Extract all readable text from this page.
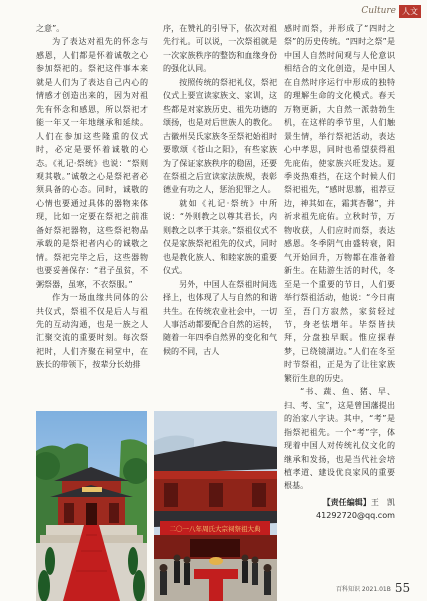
Culture 人文

之意”。

为了表达对祖先的怀念与感恩，人们都是怀着诚敬之心参加祭祀的。祭祀这件事本来就是人们为了表达自己内心的情感才创造出来的，因为对祖先有怀念和感恩，所以祭祀才能一年又一年地继承和延续。人们在参加这些隆重的仪式时，必定是要怀着诚敬的心态。《礼记·祭统》也说：“祭则观其敬。”诚敬之心是祭祀者必须具备的心态。同时，诚敬的心情也要通过具体的器物来体现，比如一定要在祭祀之前准备好祭祀器物，这些祭祀物品承载的是祭祀者内心的诚敬之情。祭祀完毕之后，这些器物也要妥善保存：“君子虽贫，不粥祭器，虽寒，不衣祭服。”

作为一场血缘共同体的公共仪式，祭祖不仅是后人与祖先的互动沟通，也是一族之人汇聚交流的重要时刻。每次祭祀时，人们齐聚在祠堂中，在族长的带领下，按辈分长幼排

序，在赞礼的引导下，依次对祖先行礼。可以说，一次祭祖就是一次家族秩序的整饬和血缘身份的强化认同。

按照传统的祭祀礼仪，祭祀仪式上要宣读家族文、家训，这些都是对家族历史、祖先功德的颂扬，也是对后世族人的教化。古徽州吴氏家族冬至祭祀始祖时要歌颂《苍山之阳》，有些家族为了保证家族秩序的稳固，还要在祭祖之后宣读家法族规，表彰德业有功之人，惩治犯罪之人。

就如《礼记·祭统》中所说：“外则教之以尊其君长，内则教之以孝于其亲。”祭祖仪式不仅是家族祭祀祖先的仪式，同时也是教化族人、和睦家族的重要仪式。

另外，中国人在祭祖时间选择上，也体现了人与自然的和谐共生。在传统农业社会中，一切人事活动都要配合自然的运转，随着一年四季自然界的变化和气候的不同，古人

感时而祭，并形成了“四时之祭”的历史传统。“四时之祭”是中国人自然时间观与人伦意识相结合的文化创造，是中国人在自然时序运行中形成的独特的理解生命的文化模式。春天万物更新，大自然一派勃勃生机，在这样的季节里，人们触景生情，举行祭祀活动，表达心中孝思，同时也希望获得祖先庇佑，使家族兴旺发达。夏季炎热难挡，在这个时候人们祭祀祖先，“感时思慕，祖荐豆边，神其如在，霜萁杏馨”，并祈求祖先庇佑。立秋时节，万物收获，人们应时而祭，表达感恩。冬季阴气由盛转衰，阳气开始回升，万物都在准备着新生。在陆游生活的时代，冬至是一个重要的节日，人们要举行祭祖活动，他说：“今日南至，吾门方寂然，家贫轻过节，身老怯增年。毕祭皆扶拜，分盘独早眠。惟应探春梦，已绕镜湖边。”人们在冬至时节祭祖，正是为了让往家族繁衍生息的历史。

“书、蔬、鱼、猪、早、扫、考、宝”，这是曾国藩提出的治家八字诀。其中，“考”是指祭祀祖先。一个“考”字，体现着中国人对传统礼仪文化的继承和发扬，也是当代社会培植孝道、建设优良家风的重要根基。

【责任编辑】王　凯
41292720@qq.com
二〇一八年周氏大宗祠祭祖大典
百科知识 2021.01B 55
